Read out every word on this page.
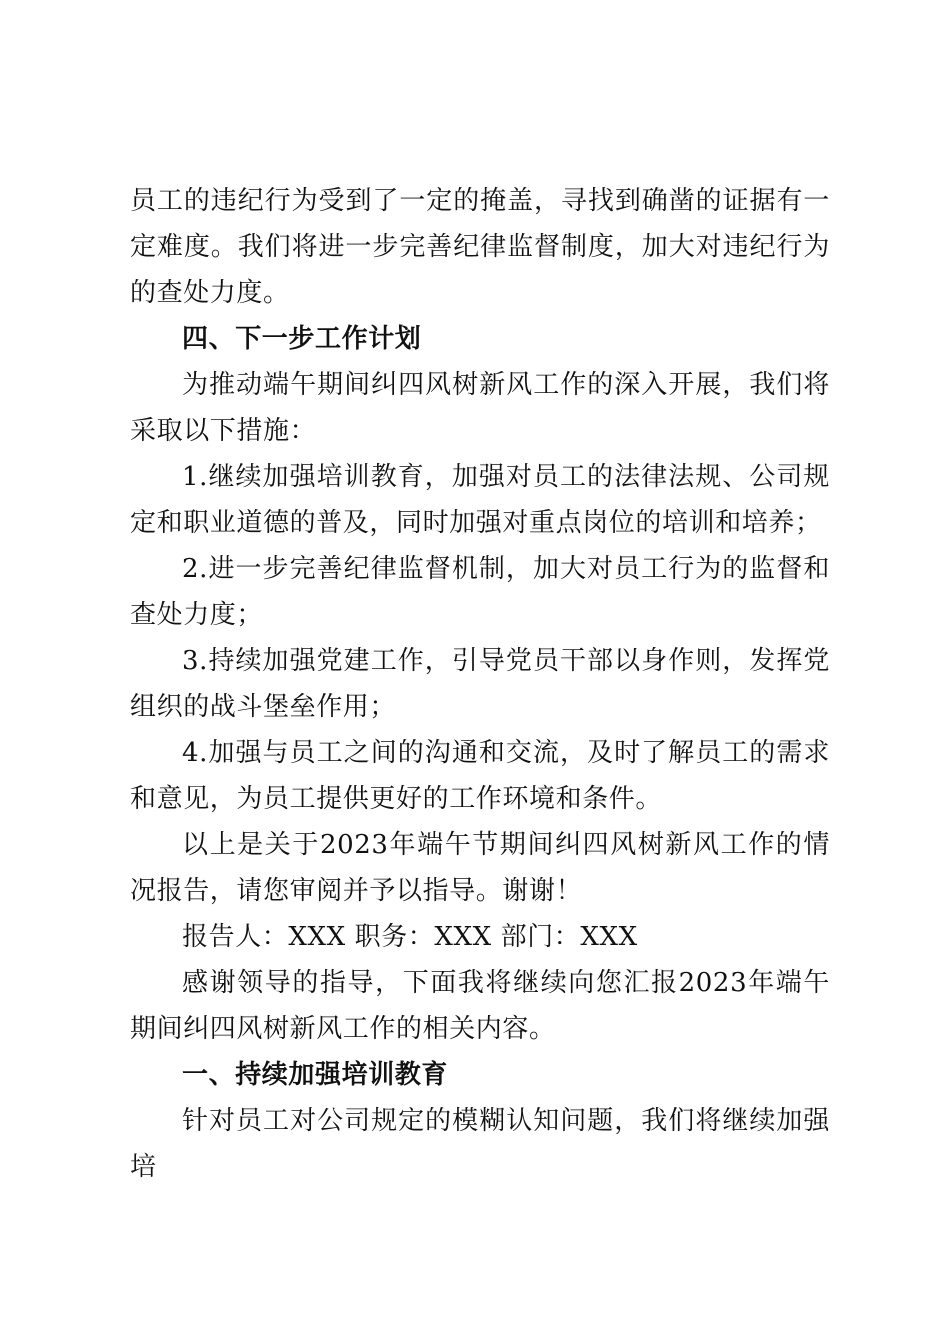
员工的违纪行为受到了一定的掩盖，寻找到确凿的证据有一定难度。我们将进一步完善纪律监督制度，加大对违纪行为的查处力度。

四、下一步工作计划

为推动端午期间纠四风树新风工作的深入开展，我们将采取以下措施：

1.继续加强培训教育，加强对员工的法律法规、公司规定和职业道德的普及，同时加强对重点岗位的培训和培养；

2.进一步完善纪律监督机制，加大对员工行为的监督和查处力度；

3.持续加强党建工作，引导党员干部以身作则，发挥党组织的战斗堡垒作用；

4.加强与员工之间的沟通和交流，及时了解员工的需求和意见，为员工提供更好的工作环境和条件。

以上是关于2023年端午节期间纠四风树新风工作的情况报告，请您审阅并予以指导。谢谢！

报告人：XXX 职务：XXX 部门：XXX

感谢领导的指导，下面我将继续向您汇报2023年端午期间纠四风树新风工作的相关内容。

一、持续加强培训教育

针对员工对公司规定的模糊认知问题，我们将继续加强培
